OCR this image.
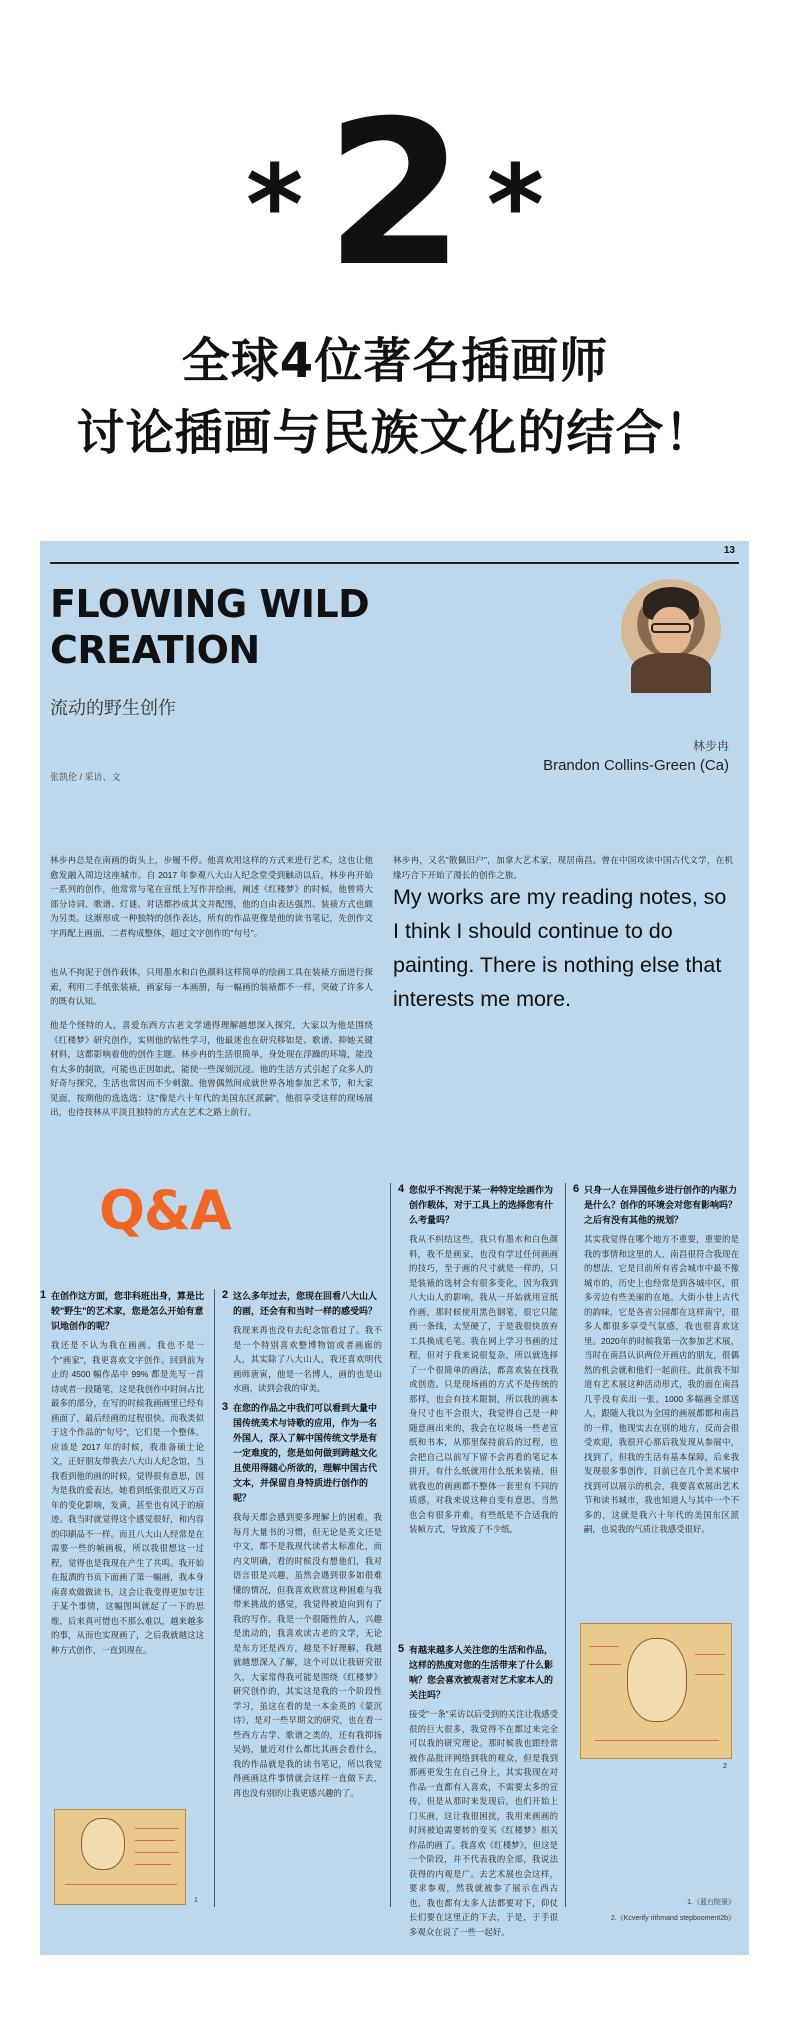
* 2 *
全球4位著名插画师
讨论插画与民族文化的结合！
13
FLOWING WILD
CREATION
流动的野生创作
林步冉
Brandon Collins-Green (Ca)
张凯伦 / 采访、文

林步冉总是在南画的街头上，步履不停。他喜欢用这样的方式来进行艺术，这也让他愈发融入周边这座城市。自 2017 年参观八大山人纪念堂受到触动以后，林步冉开始一系列的创作，他常常与笔在宣纸上写作并绘画，阐述《红楼梦》的时候，他曾将大部分诗词、歌谱、灯谜、对话都抄成其文并配图，他的自由表达强烈、装裱方式也颇为另类。这渐形成一种独特的创作表达，所有的作品更像是他的读书笔记，先创作文字再配上画面，二者构成整体，超过文字创作的"句号"。

也从不拘泥于创作载体，只用墨水和白色颜料这样简单的绘画工具在装裱方面进行探索，利用二手纸张装裱，画家每一本画册，每一幅画的装裱都不一样，突破了许多人的既有认知。

他是个怪特的人，喜爱东西方古老文学通得理解越想深入探究，大家以为他是围绕《红楼梦》研究创作，实则他的钻性学习，他最迷也在研究移如是、歌谱、抑她关键材料，这都影响着他的创作主题。林步冉的生活很简单，身处现在浮躁的环境，能没有太多的制欲，可能也正因如此，能使一些深刻沉浸。他的生活方式引起了众多人的好奇与探究，生活也常因而不少刺激。他曾偶然间成就世界各地参加艺术节，和大家见面，按期他的选选选：这"像是六十年代的美国东区派嗣"，他很享受这样的现场展出，也待技林从平淡且独特的方式在艺术之路上前行。

林步冉，又名"散佩旧户"，加拿大艺术家，现居南昌。曾在中国攻读中国古代文学，在机缘巧合下开始了漫长的创作之旅。

My works are my reading notes, so I think I should continue to do painting. There is nothing else that interests me more.
Q&A
1 在创作这方面，您非科班出身，算是比较"野生"的艺术家，您是怎么开始有意识地创作的呢？
我还是不认为我在画画。我也不是一个"画家"，我更喜欢文字创作。回到前为止的 4500 幅作品中 99% 都是先写一首诗或者一段随笔，这是我创作中时间占比最多的部分，在写的时候我画画里已经有画面了，最后经画的过程很快。而我类似于这个作品的"句号"，它们是一个整体。应该是 2017 年的时候，我准备硕士论文，正好朋友带我去八大山人纪念馆，当我看到他的画的时候，觉得很有意思，因为是我的爱表达，她看到纸张很近又万百年的变化影响，发黄，甚至也有风于的痕迹。我当时就觉得这个感觉很好，和内容的印刷品不一样。而且八大山人经常是在需要一些的帧画板，所以我很想这一过程，觉得也是我现在产生了共鸣。我开始在报酒的书页下面画了第一幅画，我本身南喜欢做做读书，这会让我变得更加专注于某个事情，这幅图叫就起了一下的思维，后来真可惜也不那么难以，越来越多的事，从而也实现画了，之后我就越这这种方式创作，一直到现在。
2 这么多年过去，您现在回看八大山人的画，还会有和当时一样的感受吗？
我现来再也没有去纪念馆看过了。我不是一个特别喜欢整博物馆或者画廊的人，其实除了八大山人，我还喜欢明代画师唐寅，他是一名博人，画的也是山水画，读到会我的审美。
3 在您的作品之中我们可以看到大量中国传统美术与诗歌的应用，作为一名外国人，深入了解中国传统文学是有一定难度的，您是如何做到跨越文化且使用得随心所欲的，理解中国古代文本，并保留自身特质进行创作的呢？
我每天都会感到要多理解上的困难，我每月大量书的习惯，但无论是英文还是中文，都不是我现代读者太标准化，而内文明确，看的时候没有想他们，我对语言很是兴趣，虽然会遇到很多如很难懂的情况，但我喜欢欣赏这种困难与我带来挑战的感觉，我觉得被迫向到有了我的写作。我是一个很随性的人，兴趣是流动的，我喜欢读古老的文学，无论是东方还是西方，越是不好理解，我越就越想深入了解，这个可以让我研究很久，大家常得我可能是围绕《红楼梦》研究创作的，其实这是我的一个阶段性学习，虽这在看的是一本金英的《蒙沉诗》，是对一些早期文的研究，也在看一些西方古学、歌谱之类的，还有我抑扬吴妈，量近对什么都比其画会看什么，我的作品就是我的读书笔记，所以我觉得画画这件事情就会这样一直做下去，再也没有别的让我更感兴趣的了。
4 您似乎不拘泥于某一种特定绘画作为创作载体，对于工具上的选择您有什么考量吗？
我从不纠结这些，我只有墨水和白色颜料，我不是画家，也没有学过任何画画的技巧，至于画的尺寸就是一样的，只是装裱的选材会有很多变化，因为我到八大山人的影响，我从一开始就用宣纸作画，那时候使用黑色钢笔，很它只能画一条线，太坚硬了，于是我很快放弃工具换成毛笔。我在网上学习书画的过程，但对于我来说很复杂，所以就选择了一个很简单的画法，都喜欢装在找我或创造。只是现场画的方式不是传统的那样，也会有技术限制，所以我的画本身尺寸也不会很大，我觉得自己是一种随意画出来的，我会在垃圾场一些老宣纸和书本，从那里保持前后的过程，也会把自己以前写下留不会再看的笔记本拼开。有什么纸就用什么纸来装裱，但就我也的画画都不整体一套里有不同的质感，对我来说这种自变有意思。当然也会有很多并难，有些纸是不合适我的装帧方式，导致废了不少纸。
5 有越来越多人关注您的生活和作品，这样的热度对您的生活带来了什么影响？您会喜欢被观者对艺术家本人的关注吗？
接受"一条"采访以后受到的关注让我感受很的巨大很多，我觉得不在都过来完全可以我的研究理论。那时候我也跟经常被作品批评网络到我的观众，但是我到那画更发生在自己身上，其实我现在对作品一直都有人喜欢，不需要太多的宣传，但是从那时来发现后，也们开始上门买画，这让我很困扰，我用来画画的时间被迫需要转的变买《红楼梦》相关作品的画了。我喜欢《红楼梦》，但这是一个阶段，并不代表我的全部，我说法获得的内观是广。去艺术展也会这样，要求参观，然我就被参了展示在西古也，我也都有太多人法都要对下，仰仗长们要在这里正的下去，于是，于手很多观众在说了一些一起好。
6 只身一人在异国他乡进行创作的内驱力是什么？创作的环境会对您有影响吗？之后有没有其他的规划？
其实我觉得在哪个地方不重要，重要的是我的事情和这里的人，南昌很符合我现在的想法，它是目前所有省会城市中最不像城市的，历史上也经常是到各城中区，很多旁边有些美丽的在地。大街小巷上古代的韵味，它是各省公园都在这样南宁，很多人都很多享受气氛感，我也很喜欢这里。2020年的时候我第一次参加艺术展，当时在南昌认识两位开画店的朋友，很偶然的机会就和他们一起前往。此前我不知道有艺术展这种活动形式，我的面在南昌几乎没有卖出一张。1000 多幅画全部送人，跟随人我以为全国的画展都都和南昌的一样，他现实去在别的地方，反而会很受欢迎，我很开心那后我发现从参展中，找到了，但我的生活有基本保障，后来我发现很多事创作，目前已在几个美术展中找到可以展示的机会，我要喜欢展出艺术节和读书城市，我也知道人与其中一个不多的，这就是我六十年代的美国东区派嗣，也说我的气质让我感受很好。
1
2
1.《蓝台院景》
2.《Kcverify rithmand stepbooment2b》
